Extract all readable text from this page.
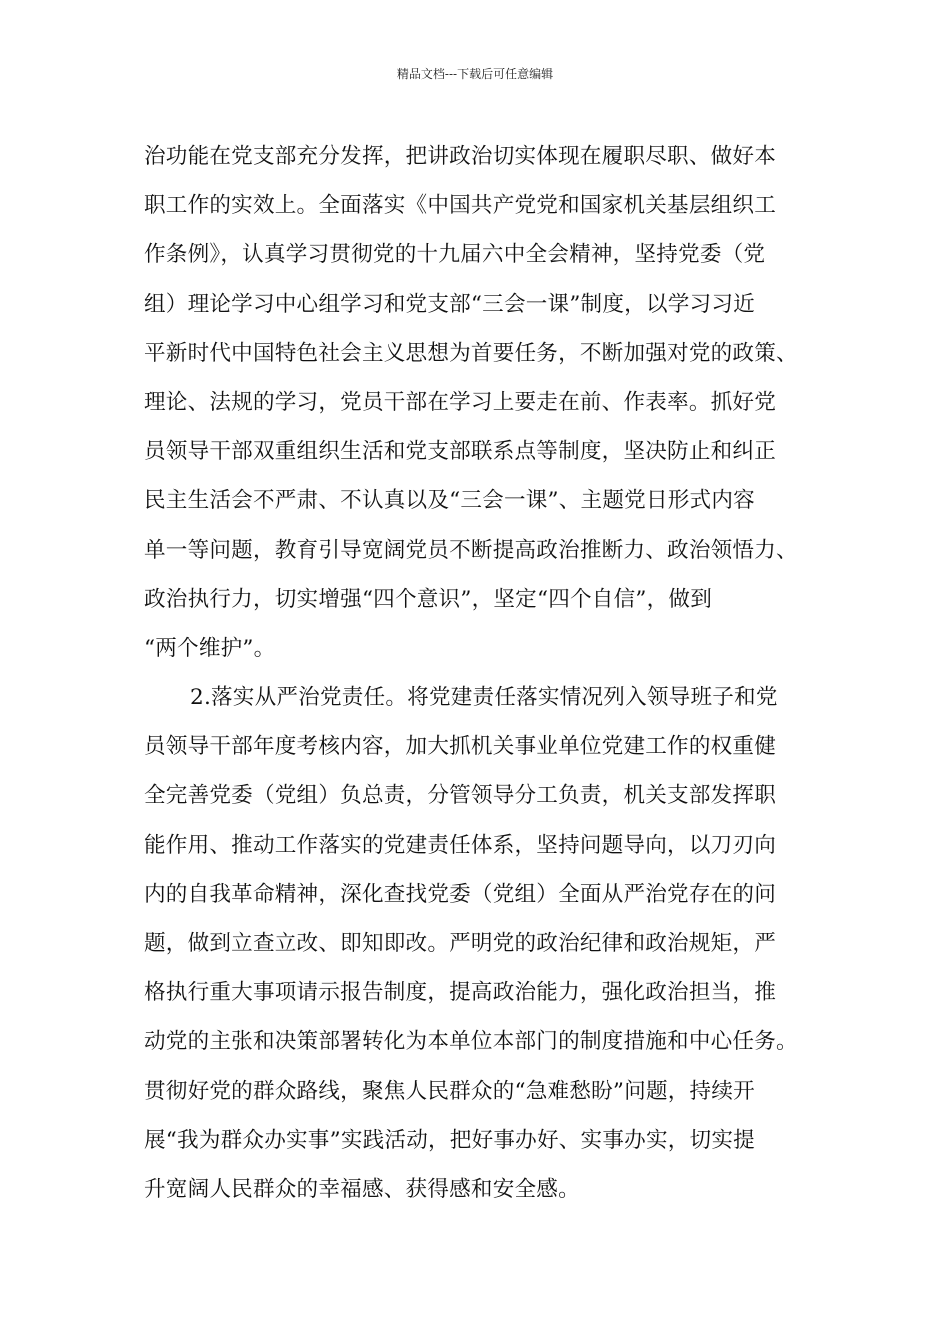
精品文档---下载后可任意编辑
治功能在党支部充分发挥，把讲政治切实体现在履职尽职、做好本
职工作的实效上。全面落实《中国共产党党和国家机关基层组织工
作条例》，认真学习贯彻党的十九届六中全会精神，坚持党委（党
组）理论学习中心组学习和党支部“三会一课”制度，以学习习近
平新时代中国特色社会主义思想为首要任务，不断加强对党的政策、
理论、法规的学习，党员干部在学习上要走在前、作表率。抓好党
员领导干部双重组织生活和党支部联系点等制度，坚决防止和纠正
民主生活会不严肃、不认真以及“三会一课”、主题党日形式内容
单一等问题，教育引导宽阔党员不断提高政治推断力、政治领悟力、
政治执行力，切实增强“四个意识”，坚定“四个自信”，做到
“两个维护”。
2.落实从严治党责任。将党建责任落实情况列入领导班子和党
员领导干部年度考核内容，加大抓机关事业单位党建工作的权重健
全完善党委（党组）负总责，分管领导分工负责，机关支部发挥职
能作用、推动工作落实的党建责任体系，坚持问题导向，以刀刃向
内的自我革命精神，深化查找党委（党组）全面从严治党存在的问
题，做到立查立改、即知即改。严明党的政治纪律和政治规矩，严
格执行重大事项请示报告制度，提高政治能力，强化政治担当，推
动党的主张和决策部署转化为本单位本部门的制度措施和中心任务。
贯彻好党的群众路线，聚焦人民群众的“急难愁盼”问题，持续开
展“我为群众办实事”实践活动，把好事办好、实事办实，切实提
升宽阔人民群众的幸福感、获得感和安全感。
